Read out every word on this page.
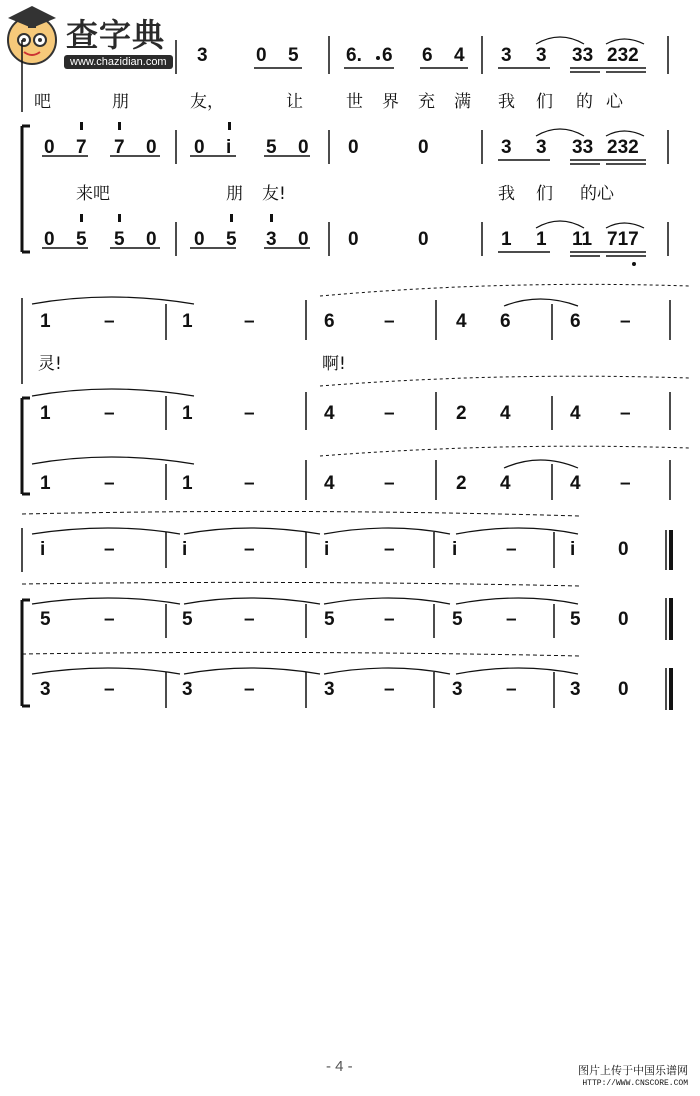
查字典
www.chazidian.com	3	0 5 6. 6 6 4 3 3 33 232
吧	朋	友，	让	世 界 充 满 我 们 的 心
0 7 7 0 0 i 5 0 0	0	3 3 33 232
来吧	朋 友!	我 们 的心
0 5 5 0 0 5 3 0 0	0	1 1 11 717
1	–	1	–	6	–	4 6	6 –
灵!	啊!
1	–	1	–	4	–	2 4	4 –
1	–	1	–	4	–	2 4	4 –
i	–	i	–	i	–	i	–	i 0
5	–	5	–	5	–	5 –	5 0
3	–	3	–	3	–	3 –	3 0
- 4 -	图片上传于中国乐谱网
HTTP://WWW.CNSCORE.COM
